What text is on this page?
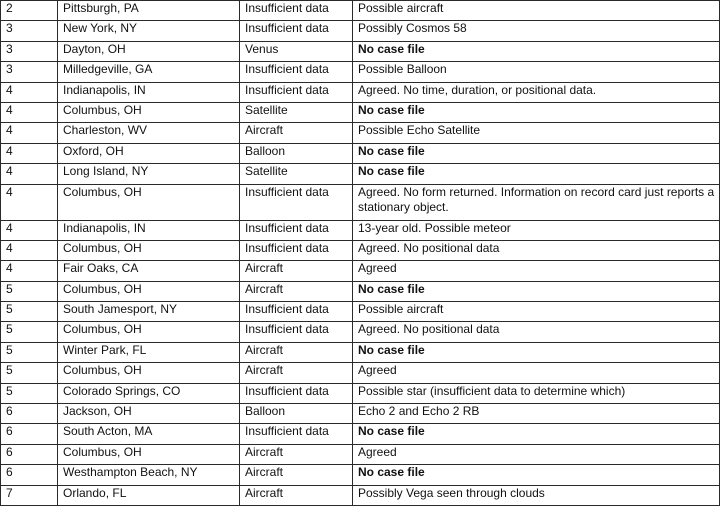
2	Pittsburgh, PA	Insufficient data	Possible aircraft
3	New York, NY	Insufficient data	Possibly Cosmos 58
3	Dayton, OH	Venus	No case file
3	Milledgeville, GA	Insufficient data	Possible Balloon
4	Indianapolis, IN	Insufficient data	Agreed. No time, duration, or positional data.
4	Columbus, OH	Satellite	No case file
4	Charleston, WV	Aircraft	Possible Echo Satellite
4	Oxford, OH	Balloon	No case file
4	Long Island, NY	Satellite	No case file
4	Columbus, OH	Insufficient data	Agreed. No form returned. Information on record card just reports a stationary object.
4	Indianapolis, IN	Insufficient data	13-year old. Possible meteor
4	Columbus, OH	Insufficient data	Agreed. No positional data
4	Fair Oaks, CA	Aircraft	Agreed
5	Columbus, OH	Aircraft	No case file
5	South Jamesport, NY	Insufficient data	Possible aircraft
5	Columbus, OH	Insufficient data	Agreed. No positional data
5	Winter Park, FL	Aircraft	No case file
5	Columbus, OH	Aircraft	Agreed
5	Colorado Springs, CO	Insufficient data	Possible star (insufficient data to determine which)
6	Jackson, OH	Balloon	Echo 2 and Echo 2 RB
6	South Acton, MA	Insufficient data	No case file
6	Columbus, OH	Aircraft	Agreed
6	Westhampton Beach, NY	Aircraft	No case file
7	Orlando, FL	Aircraft	Possibly Vega seen through clouds
